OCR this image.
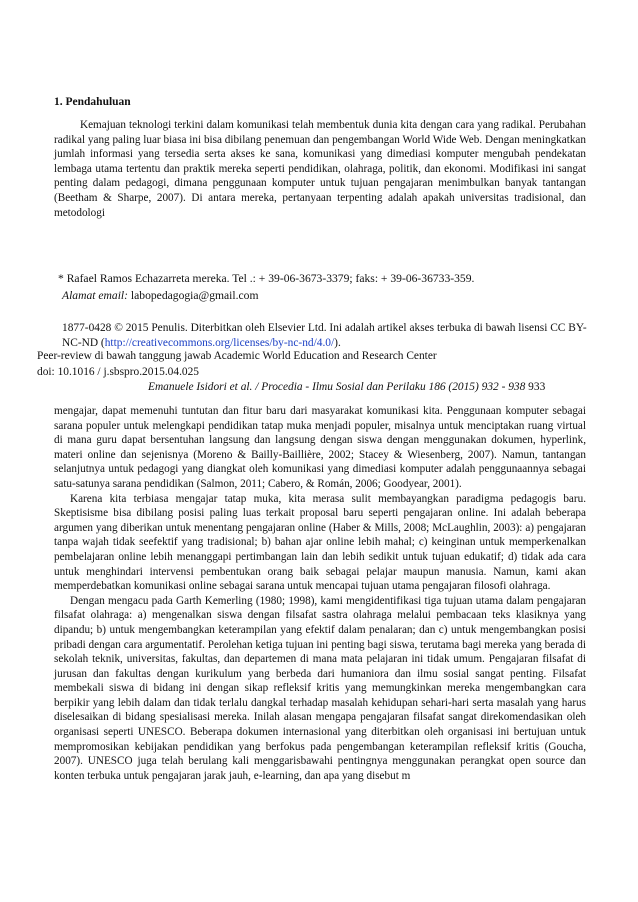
1. Pendahuluan

Kemajuan teknologi terkini dalam komunikasi telah membentuk dunia kita dengan cara yang radikal. Perubahan radikal yang paling luar biasa ini bisa dibilang penemuan dan pengembangan World Wide Web. Dengan meningkatkan jumlah informasi yang tersedia serta akses ke sana, komunikasi yang dimediasi komputer mengubah pendekatan lembaga utama tertentu dan praktik mereka seperti pendidikan, olahraga, politik, dan ekonomi. Modifikasi ini sangat penting dalam pedagogi, dimana penggunaan komputer untuk tujuan pengajaran menimbulkan banyak tantangan (Beetham & Sharpe, 2007). Di antara mereka, pertanyaan terpenting adalah apakah universitas tradisional, dan metodologi

* Rafael Ramos Echazarreta mereka. Tel .: + 39-06-3673-3379; faks: + 39-06-36733-359.
Alamat email: labopedagogia@gmail.com
1877-0428 © 2015 Penulis. Diterbitkan oleh Elsevier Ltd. Ini adalah artikel akses terbuka di bawah lisensi CC BY-NC-ND (http://creativecommons.org/licenses/by-nc-nd/4.0/).
Peer-review di bawah tanggung jawab Academic World Education and Research Center
doi: 10.1016 / j.sbspro.2015.04.025
Emanuele Isidori et al. / Procedia - Ilmu Sosial dan Perilaku 186 (2015) 932 - 938 933

mengajar, dapat memenuhi tuntutan dan fitur baru dari masyarakat komunikasi kita. Penggunaan komputer sebagai sarana populer untuk melengkapi pendidikan tatap muka menjadi populer, misalnya untuk menciptakan ruang virtual di mana guru dapat bersentuhan langsung dan langsung dengan siswa dengan menggunakan dokumen, hyperlink, materi online dan sejenisnya (Moreno & Bailly-Baillière, 2002; Stacey & Wiesenberg, 2007). Namun, tantangan selanjutnya untuk pedagogi yang diangkat oleh komunikasi yang dimediasi komputer adalah penggunaannya sebagai satu-satunya sarana pendidikan (Salmon, 2011; Cabero, & Román, 2006; Goodyear, 2001).

Karena kita terbiasa mengajar tatap muka, kita merasa sulit membayangkan paradigma pedagogis baru. Skeptisisme bisa dibilang posisi paling luas terkait proposal baru seperti pengajaran online. Ini adalah beberapa argumen yang diberikan untuk menentang pengajaran online (Haber & Mills, 2008; McLaughlin, 2003): a) pengajaran tanpa wajah tidak seefektif yang tradisional; b) bahan ajar online lebih mahal; c) keinginan untuk memperkenalkan pembelajaran online lebih menanggapi pertimbangan lain dan lebih sedikit untuk tujuan edukatif; d) tidak ada cara untuk menghindari intervensi pembentukan orang baik sebagai pelajar maupun manusia. Namun, kami akan memperdebatkan komunikasi online sebagai sarana untuk mencapai tujuan utama pengajaran filosofi olahraga.

Dengan mengacu pada Garth Kemerling (1980; 1998), kami mengidentifikasi tiga tujuan utama dalam pengajaran filsafat olahraga: a) mengenalkan siswa dengan filsafat sastra olahraga melalui pembacaan teks klasiknya yang dipandu; b) untuk mengembangkan keterampilan yang efektif dalam penalaran; dan c) untuk mengembangkan posisi pribadi dengan cara argumentatif. Perolehan ketiga tujuan ini penting bagi siswa, terutama bagi mereka yang berada di sekolah teknik, universitas, fakultas, dan departemen di mana mata pelajaran ini tidak umum. Pengajaran filsafat di jurusan dan fakultas dengan kurikulum yang berbeda dari humaniora dan ilmu sosial sangat penting. Filsafat membekali siswa di bidang ini dengan sikap refleksif kritis yang memungkinkan mereka mengembangkan cara berpikir yang lebih dalam dan tidak terlalu dangkal terhadap masalah kehidupan sehari-hari serta masalah yang harus diselesaikan di bidang spesialisasi mereka. Inilah alasan mengapa pengajaran filsafat sangat direkomendasikan oleh organisasi seperti UNESCO. Beberapa dokumen internasional yang diterbitkan oleh organisasi ini bertujuan untuk mempromosikan kebijakan pendidikan yang berfokus pada pengembangan keterampilan refleksif kritis (Goucha, 2007). UNESCO juga telah berulang kali menggarisbawahi pentingnya menggunakan perangkat open source dan konten terbuka untuk pengajaran jarak jauh, e-learning, dan apa yang disebut m
